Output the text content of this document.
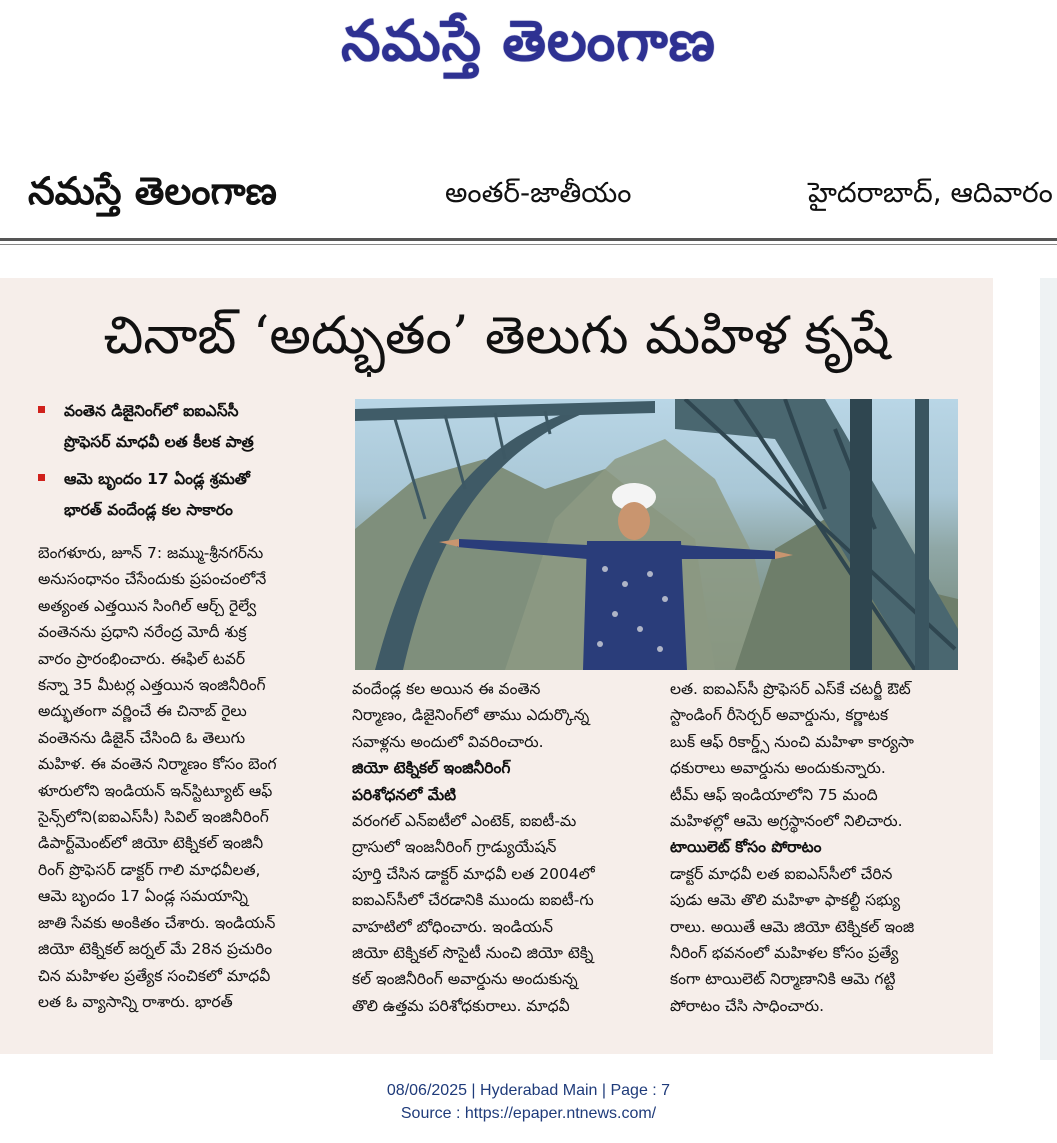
నమస్తే తెలంగాణ
నమస్తే తెలంగాణ	అంతర్-జాతీయం	హైదరాబాద్, ఆదివారం
చినాబ్ ‘అద్భుతం’ తెలుగు మహిళ కృషే
వంతెన డిజైనింగ్‌లో ఐఐఎస్‌సీ
ప్రొఫెసర్ మాధవీ లత కీలక పాత్ర
ఆమె బృందం 17 ఏండ్ల శ్రమతో
భారత్ వందేండ్ల కల సాకారం
బెంగళూరు, జూన్ 7: జమ్ము-శ్రీనగర్‌ను
అనుసంధానం చేసేందుకు ప్రపంచంలోనే
అత్యంత ఎత్తయిన సింగిల్ ఆర్చ్ రైల్వే
వంతెనను ప్రధాని నరేంద్ర మోదీ శుక్ర
వారం ప్రారంభించారు. ఈఫిల్ టవర్
కన్నా 35 మీటర్ల ఎత్తయిన ఇంజినీరింగ్
అద్భుతంగా వర్ణించే ఈ చినాబ్ రైలు
వంతెనను డిజైన్ చేసింది ఓ తెలుగు
మహిళ. ఈ వంతెన నిర్మాణం కోసం బెంగ
ళూరులోని ఇండియన్ ఇన్‌స్టిట్యూట్ ఆఫ్
సైన్స్‌లోని(ఐఐఎస్‌సీ) సివిల్ ఇంజినీరింగ్
డిపార్ట్‌మెంట్‌లో జియో టెక్నికల్ ఇంజినీ
రింగ్ ప్రొఫెసర్ డాక్టర్ గాలి మాధవీలత,
ఆమె బృందం 17 ఏండ్ల సమయాన్ని
జాతి సేవకు అంకితం చేశారు. ఇండియన్
జియో టెక్నికల్ జర్నల్ మే 28న ప్రచురిం
చిన మహిళల ప్రత్యేక సంచికలో మాధవీ
లత ఓ వ్యాసాన్ని రాశారు. భారత్
వందేండ్ల కల అయిన ఈ వంతెన
నిర్మాణం, డిజైనింగ్‌లో తాము ఎదుర్కొన్న
సవాళ్లను అందులో వివరించారు.
జియో టెక్నికల్ ఇంజినీరింగ్
పరిశోధనలో మేటి
వరంగల్ ఎన్‌ఐటీలో ఎంటెక్, ఐఐటీ-మ
ద్రాసులో ఇంజనీరింగ్ గ్రాడ్యుయేషన్
పూర్తి చేసిన డాక్టర్ మాధవీ లత 2004లో
ఐఐఎస్‌సీలో చేరడానికి ముందు ఐఐటీ-గు
వాహటిలో బోధించారు. ఇండియన్
జియో టెక్నికల్ సొసైటీ నుంచి జియో టెక్ని
కల్ ఇంజినీరింగ్ అవార్డును అందుకున్న
తొలి ఉత్తమ పరిశోధకురాలు. మాధవీ
లత. ఐఐఎస్‌సీ ప్రొఫెసర్ ఎస్‌కే చటర్జీ ఔట్
స్టాండింగ్ రీసెర్చర్ అవార్డును, కర్ణాటక
బుక్ ఆఫ్ రికార్డ్స్ నుంచి మహిళా కార్యసా
ధకురాలు అవార్డును అందుకున్నారు.
టీమ్ ఆఫ్ ఇండియాలోని 75 మంది
మహిళల్లో ఆమె అగ్రస్థానంలో నిలిచారు.
టాయిలెట్ కోసం పోరాటం
డాక్టర్ మాధవీ లత ఐఐఎస్‌సీలో చేరిన
పుడు ఆమె తొలి మహిళా ఫాకల్టీ సభ్యు
రాలు. అయితే ఆమె జియో టెక్నికల్ ఇంజి
నీరింగ్ భవనంలో మహిళల కోసం ప్రత్యే
కంగా టాయిలెట్ నిర్మాణానికి ఆమె గట్టి
పోరాటం చేసి సాధించారు.
08/06/2025 | Hyderabad Main | Page : 7
Source : https://epaper.ntnews.com/
